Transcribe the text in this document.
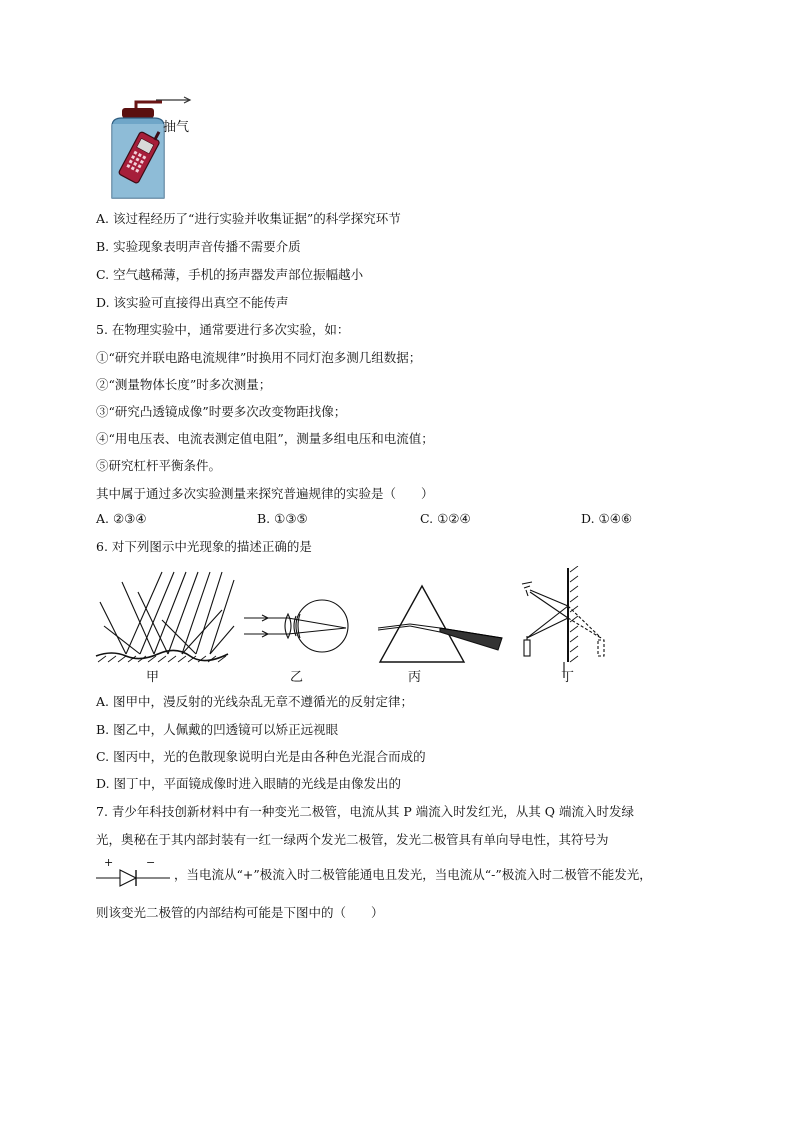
抽气
A. 该过程经历了“进行实验并收集证据”的科学探究环节
B. 实验现象表明声音传播不需要介质
C. 空气越稀薄，手机的扬声器发声部位振幅越小
D. 该实验可直接得出真空不能传声
5. 在物理实验中，通常要进行多次实验，如：
①“研究并联电路电流规律”时换用不同灯泡多测几组数据；
②“测量物体长度”时多次测量；
③“研究凸透镜成像”时要多次改变物距找像；
④“用电压表、电流表测定值电阻”，测量多组电压和电流值；
⑤研究杠杆平衡条件。
其中属于通过多次实验测量来探究普遍规律的实验是（　　）
A. ②③④	B. ①③⑤	C. ①②④	D. ①④⑥
6. 对下列图示中光现象的描述正确的是
甲	乙	丙	丁
A. 图甲中，漫反射的光线杂乱无章不遵循光的反射定律；
B. 图乙中，人佩戴的凹透镜可以矫正远视眼
C. 图丙中，光的色散现象说明白光是由各种色光混合而成的
D. 图丁中，平面镜成像时进入眼睛的光线是由像发出的
7. 青少年科技创新材料中有一种变光二极管，电流从其 P 端流入时发红光，从其 Q 端流入时发绿
光，奥秘在于其内部封装有一红一绿两个发光二极管，发光二极管具有单向导电性，其符号为
+	−
，当电流从“+”极流入时二极管能通电且发光，当电流从“-”极流入时二极管不能发光，
则该变光二极管的内部结构可能是下图中的（　　）
